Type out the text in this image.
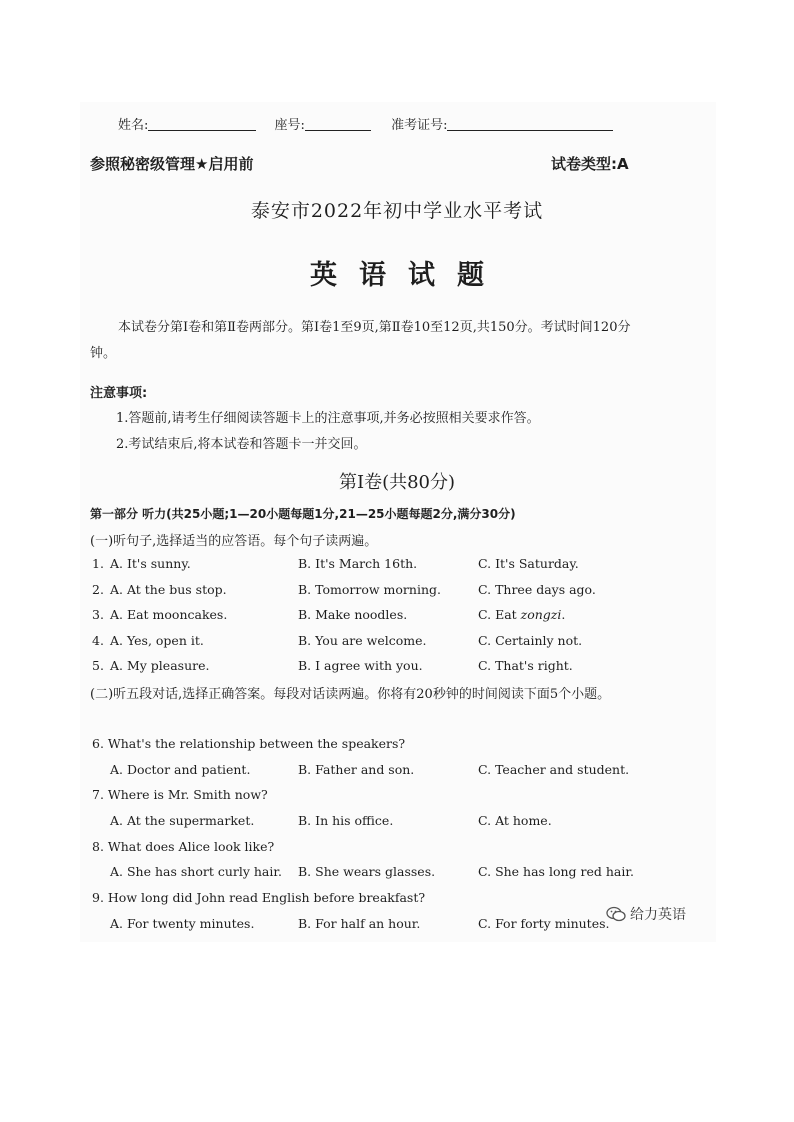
姓名:	座号:	准考证号:
参照秘密级管理★启用前	试卷类型:A
泰安市2022年初中学业水平考试
英语试题
本试卷分第Ⅰ卷和第Ⅱ卷两部分。第Ⅰ卷1至9页,第Ⅱ卷10至12页,共150分。考试时间120分钟。
注意事项:
1.答题前,请考生仔细阅读答题卡上的注意事项,并务必按照相关要求作答。
2.考试结束后,将本试卷和答题卡一并交回。
第Ⅰ卷(共80分)
第一部分 听力(共25小题;1—20小题每题1分,21—25小题每题2分,满分30分)
(一)听句子,选择适当的应答语。每个句子读两遍。
1. A. It's sunny.	B. It's March 16th.	C. It's Saturday.
2. A. At the bus stop.	B. Tomorrow morning.	C. Three days ago.
3. A. Eat mooncakes.	B. Make noodles.	C. Eat zongzi.
4. A. Yes, open it.	B. You are welcome.	C. Certainly not.
5. A. My pleasure.	B. I agree with you.	C. That's right.
(二)听五段对话,选择正确答案。每段对话读两遍。你将有20秒钟的时间阅读下面5个小题。
6. What's the relationship between the speakers?
A. Doctor and patient.	B. Father and son.	C. Teacher and student.
7. Where is Mr. Smith now?
A. At the supermarket.	B. In his office.	C. At home.
8. What does Alice look like?
A. She has short curly hair. B. She wears glasses.	C. She has long red hair.
9. How long did John read English before breakfast?
A. For twenty minutes.	B. For half an hour.	C. For forty minutes.
给力英语
